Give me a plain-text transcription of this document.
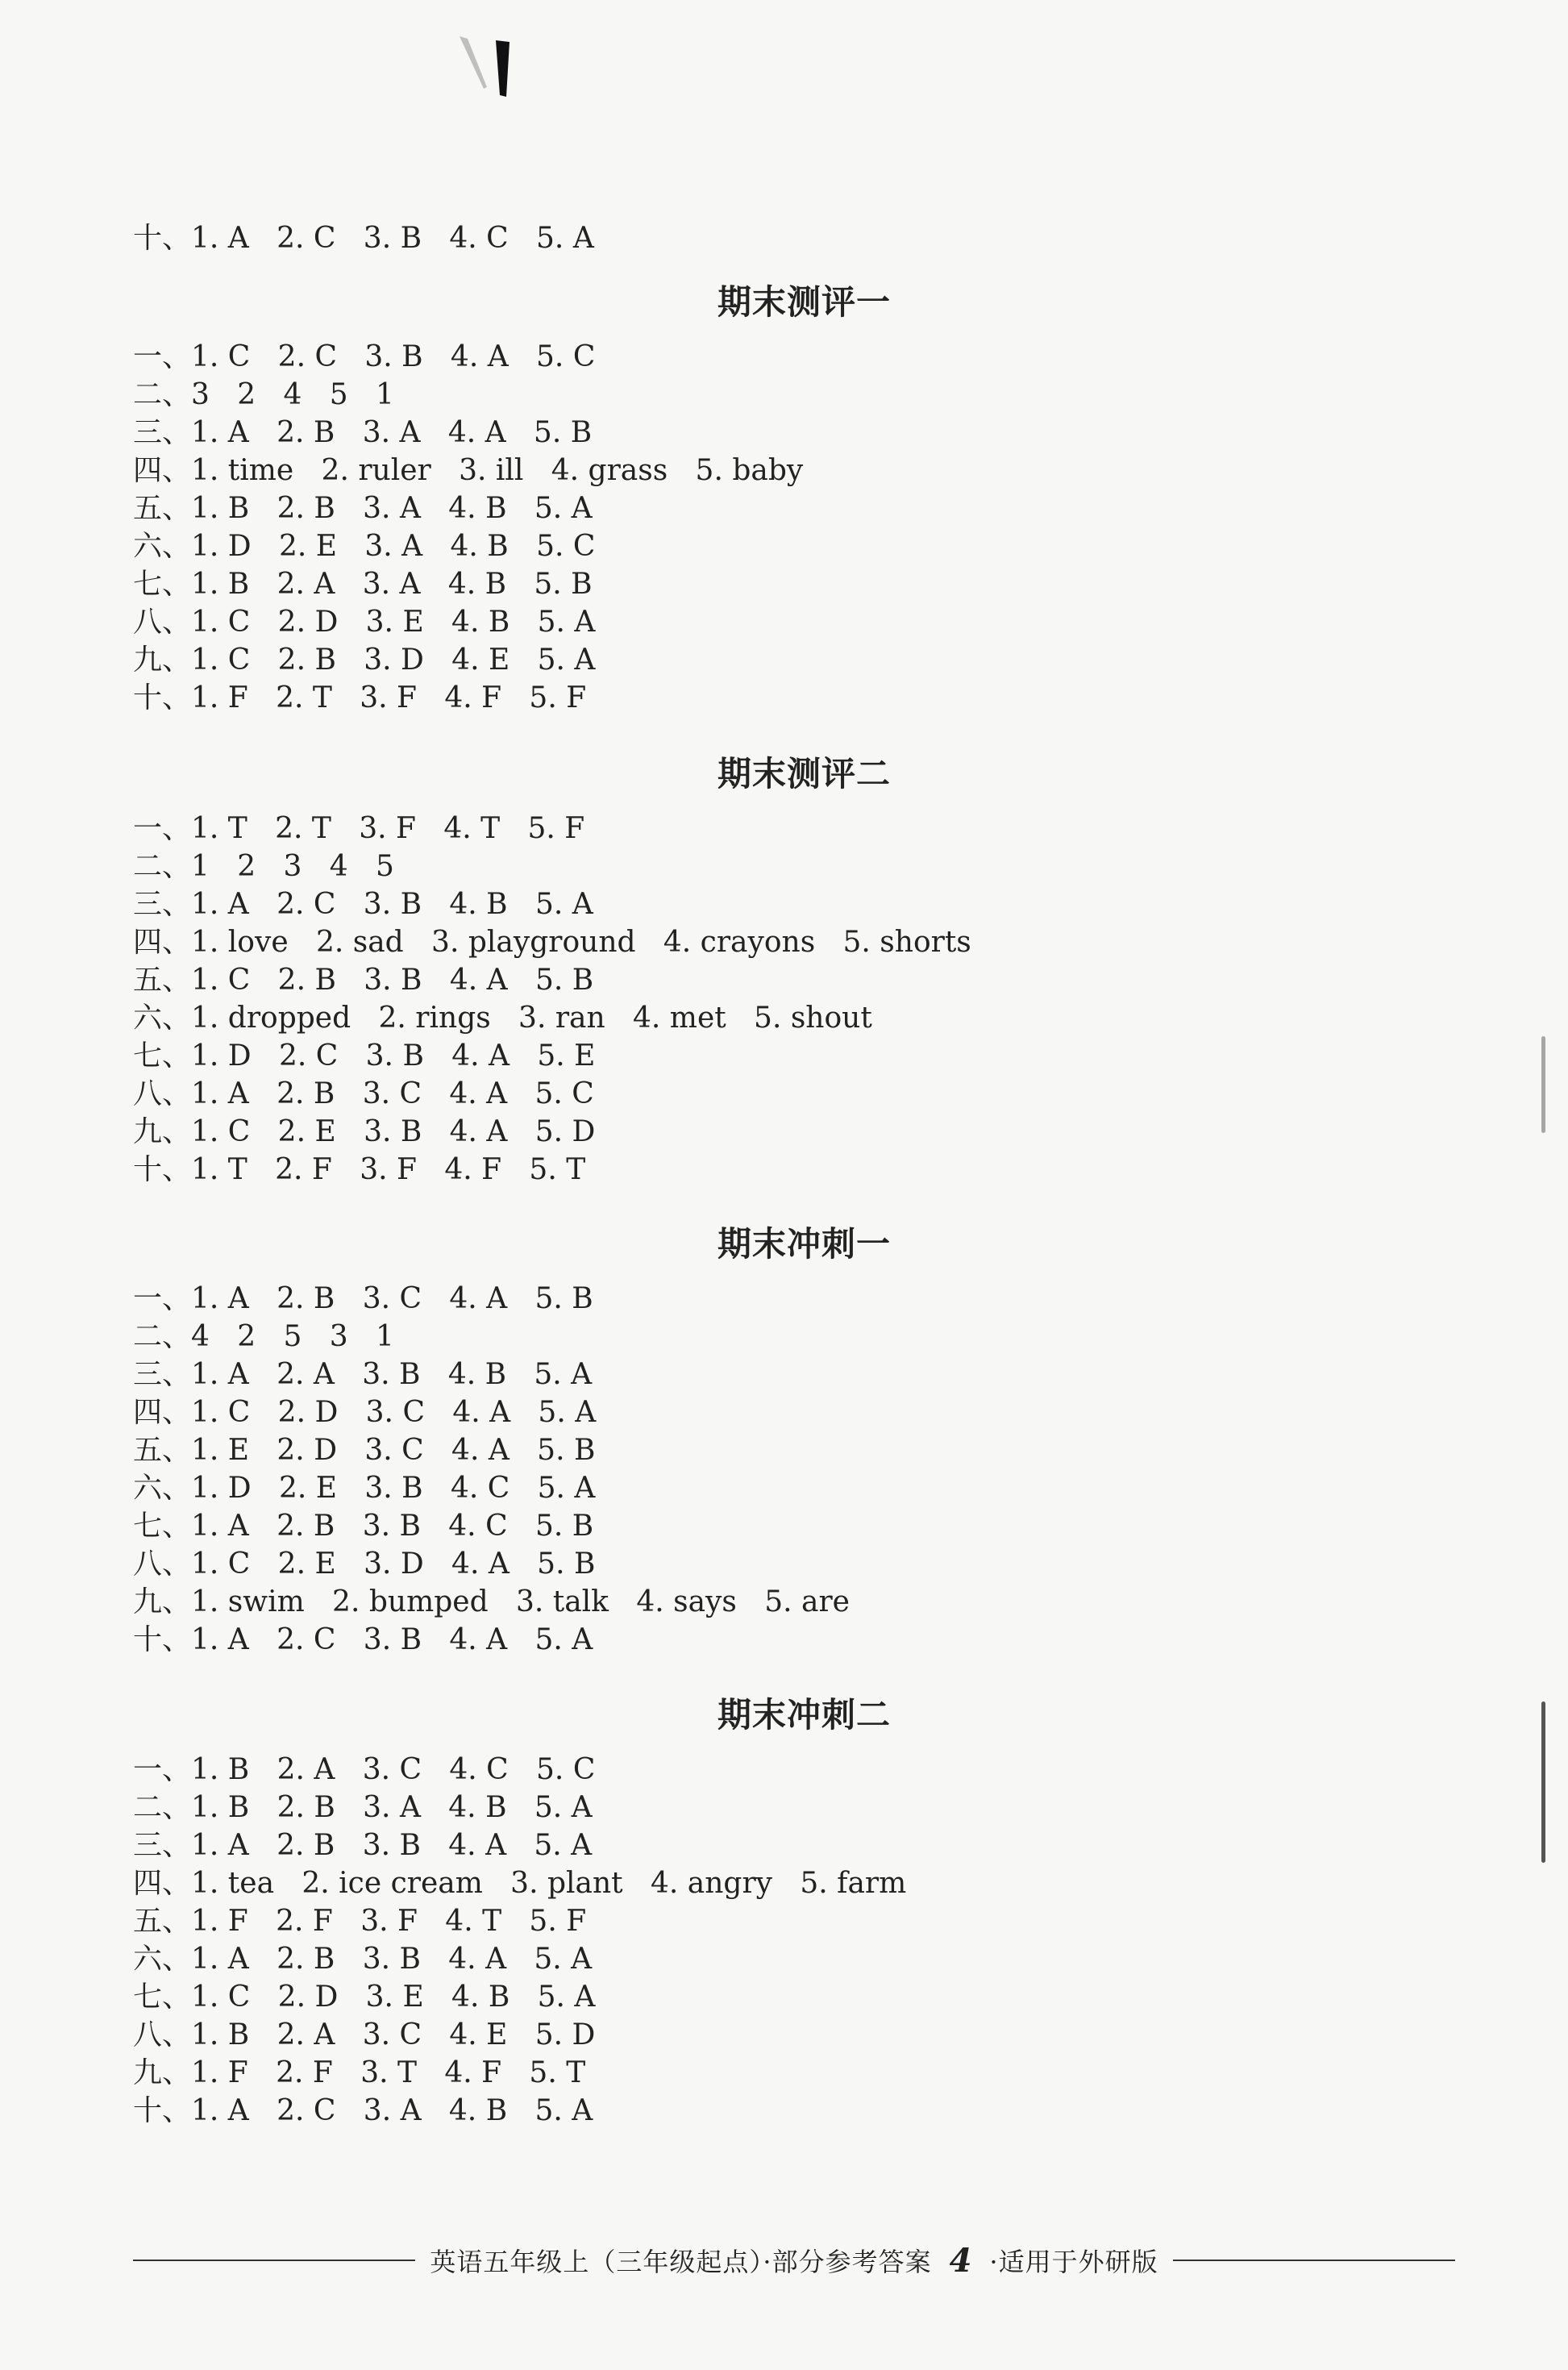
十、1. A   2. C   3. B   4. C   5. A
期末测评一
一、1. C   2. C   3. B   4. A   5. C
二、3   2   4   5   1
三、1. A   2. B   3. A   4. A   5. B
四、1. time   2. ruler   3. ill   4. grass   5. baby
五、1. B   2. B   3. A   4. B   5. A
六、1. D   2. E   3. A   4. B   5. C
七、1. B   2. A   3. A   4. B   5. B
八、1. C   2. D   3. E   4. B   5. A
九、1. C   2. B   3. D   4. E   5. A
十、1. F   2. T   3. F   4. F   5. F
期末测评二
一、1. T   2. T   3. F   4. T   5. F
二、1   2   3   4   5
三、1. A   2. C   3. B   4. B   5. A
四、1. love   2. sad   3. playground   4. crayons   5. shorts
五、1. C   2. B   3. B   4. A   5. B
六、1. dropped   2. rings   3. ran   4. met   5. shout
七、1. D   2. C   3. B   4. A   5. E
八、1. A   2. B   3. C   4. A   5. C
九、1. C   2. E   3. B   4. A   5. D
十、1. T   2. F   3. F   4. F   5. T
期末冲刺一
一、1. A   2. B   3. C   4. A   5. B
二、4   2   5   3   1
三、1. A   2. A   3. B   4. B   5. A
四、1. C   2. D   3. C   4. A   5. A
五、1. E   2. D   3. C   4. A   5. B
六、1. D   2. E   3. B   4. C   5. A
七、1. A   2. B   3. B   4. C   5. B
八、1. C   2. E   3. D   4. A   5. B
九、1. swim   2. bumped   3. talk   4. says   5. are
十、1. A   2. C   3. B   4. A   5. A
期末冲刺二
一、1. B   2. A   3. C   4. C   5. C
二、1. B   2. B   3. A   4. B   5. A
三、1. A   2. B   3. B   4. A   5. A
四、1. tea   2. ice cream   3. plant   4. angry   5. farm
五、1. F   2. F   3. F   4. T   5. F
六、1. A   2. B   3. B   4. A   5. A
七、1. C   2. D   3. E   4. B   5. A
八、1. B   2. A   3. C   4. E   5. D
九、1. F   2. F   3. T   4. F   5. T
十、1. A   2. C   3. A   4. B   5. A
英语五年级上（三年级起点）·部分参考答案 4 ·适用于外研版
